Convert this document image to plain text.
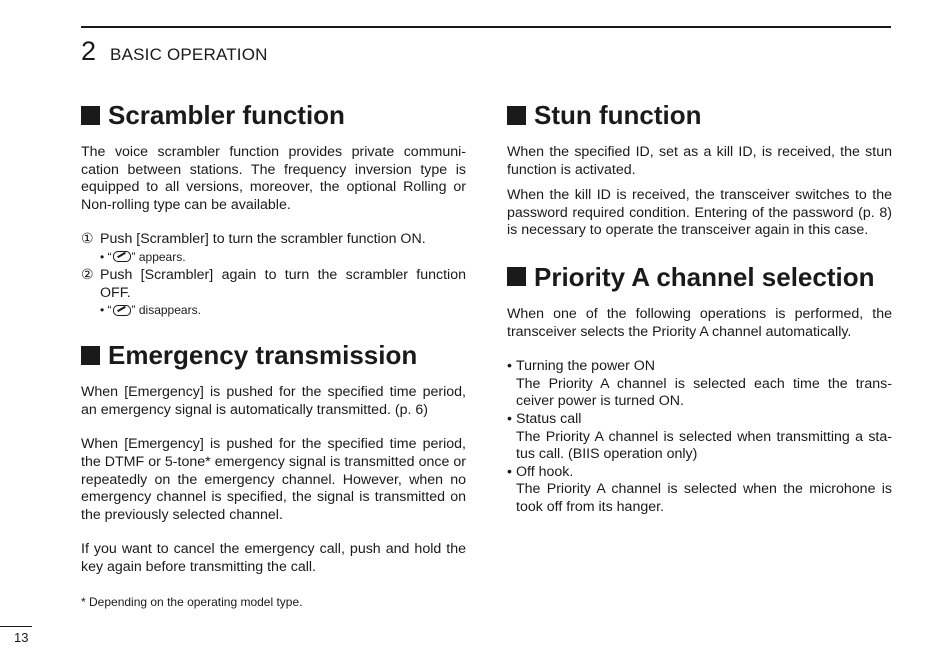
2 BASIC OPERATION
Scrambler function

The voice scrambler function provides private communi-cation between stations. The frequency inversion type is equipped to all versions, moreover, the optional Rolling or Non-rolling type can be available.

① Push [Scrambler] to turn the scrambler function ON.
• “ ” appears.
② Push [Scrambler] again to turn the scrambler function OFF.
• “ ” disappears.
Emergency transmission

When [Emergency] is pushed for the specified time period, an emergency signal is automatically transmitted. (p. 6)

When [Emergency] is pushed for the specified time period, the DTMF or 5-tone* emergency signal is transmitted once or repeatedly on the emergency channel. However, when no emergency channel is specified, the signal is transmitted on the previously selected channel.

If you want to cancel the emergency call, push and hold the key again before transmitting the call.

* Depending on the operating model type.
Stun function

When the specified ID, set as a kill ID, is received, the stun function is activated.

When the kill ID is received, the transceiver switches to the password required condition. Entering of the password (p. 8) is necessary to operate the transceiver again in this case.

Priority A channel selection

When one of the following operations is performed, the transceiver selects the Priority A channel automatically.

• Turning the power ON
The Priority A channel is selected each time the trans-ceiver power is turned ON.
• Status call
The Priority A channel is selected when transmitting a sta-tus call. (BIIS operation only)
• Off hook.
The Priority A channel is selected when the microhone is took off from its hanger.
13
